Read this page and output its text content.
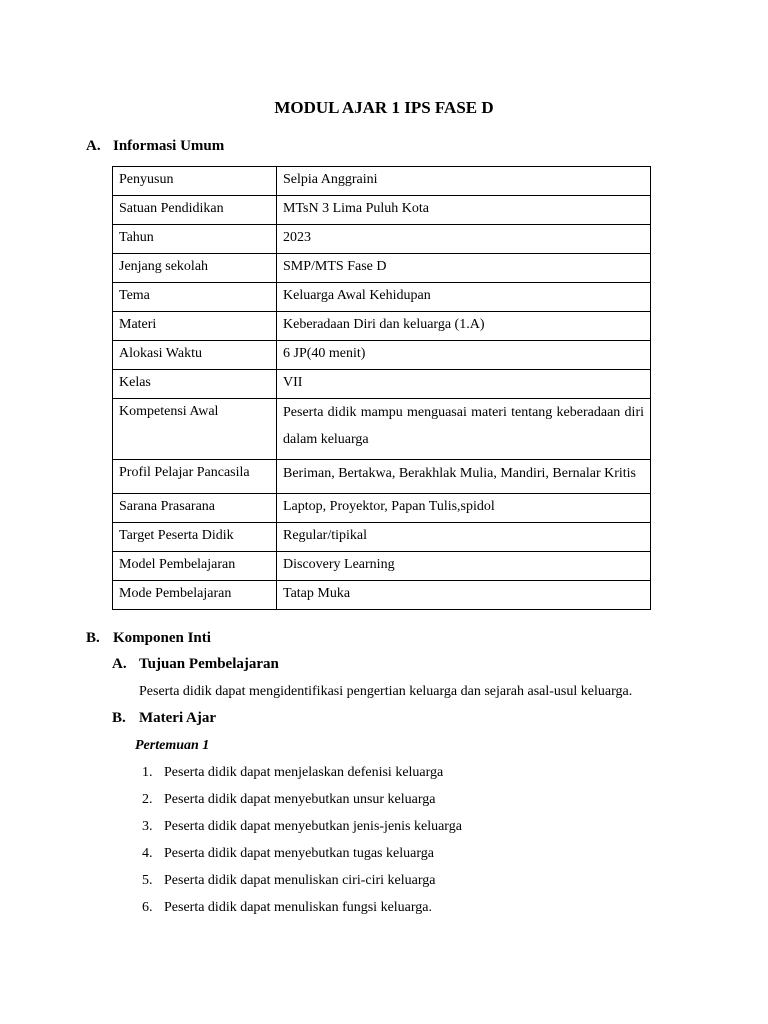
MODUL AJAR 1 IPS FASE D
A. Informasi Umum
Penyusun	Selpia Anggraini
Satuan Pendidikan	MTsN 3 Lima Puluh Kota
Tahun	2023
Jenjang sekolah	SMP/MTS Fase D
Tema	Keluarga Awal Kehidupan
Materi	Keberadaan Diri dan keluarga (1.A)
Alokasi Waktu	6 JP(40 menit)
Kelas	VII
Kompetensi Awal	Peserta didik mampu menguasai materi tentang keberadaan diri dalam keluarga
Profil Pelajar Pancasila	Beriman, Bertakwa, Berakhlak Mulia, Mandiri, Bernalar Kritis
Sarana Prasarana	Laptop, Proyektor, Papan Tulis,spidol
Target Peserta Didik	Regular/tipikal
Model Pembelajaran	Discovery Learning
Mode Pembelajaran	Tatap Muka
B. Komponen Inti
A. Tujuan Pembelajaran
Peserta didik dapat mengidentifikasi pengertian keluarga dan sejarah asal-usul keluarga.
B. Materi Ajar
Pertemuan 1
1. Peserta didik dapat menjelaskan defenisi keluarga
2. Peserta didik dapat menyebutkan unsur keluarga
3. Peserta didik dapat menyebutkan jenis-jenis keluarga
4. Peserta didik dapat menyebutkan tugas keluarga
5. Peserta didik dapat menuliskan ciri-ciri keluarga
6. Peserta didik dapat menuliskan fungsi keluarga.
